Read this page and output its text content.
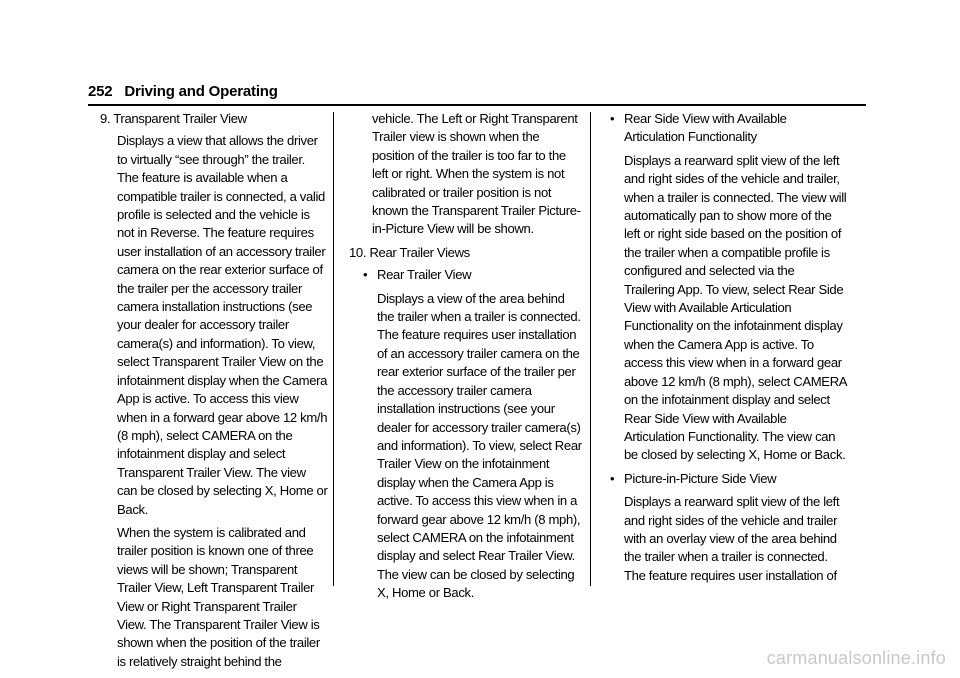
252 Driving and Operating

9. Transparent Trailer View

Displays a view that allows the driver to virtually “see through” the trailer. The feature is available when a compatible trailer is connected, a valid profile is selected and the vehicle is not in Reverse. The feature requires user installation of an accessory trailer camera on the rear exterior surface of the trailer per the accessory trailer camera installation instructions (see your dealer for accessory trailer camera(s) and information). To view, select Transparent Trailer View on the infotainment display when the Camera App is active. To access this view when in a forward gear above 12 km/h (8 mph), select CAMERA on the infotainment display and select Transparent Trailer View. The view can be closed by selecting X, Home or Back.

When the system is calibrated and trailer position is known one of three views will be shown; Transparent Trailer View, Left Transparent Trailer View or Right Transparent Trailer View. The Transparent Trailer View is shown when the position of the trailer is relatively straight behind the

vehicle. The Left or Right Transparent Trailer view is shown when the position of the trailer is too far to the left or right. When the system is not calibrated or trailer position is not known the Transparent Trailer Picture-in-Picture View will be shown.

10. Rear Trailer Views

• Rear Trailer View

Displays a view of the area behind the trailer when a trailer is connected. The feature requires user installation of an accessory trailer camera on the rear exterior surface of the trailer per the accessory trailer camera installation instructions (see your dealer for accessory trailer camera(s) and information). To view, select Rear Trailer View on the infotainment display when the Camera App is active. To access this view when in a forward gear above 12 km/h (8 mph), select CAMERA on the infotainment display and select Rear Trailer View. The view can be closed by selecting X, Home or Back.

• Rear Side View with Available Articulation Functionality

Displays a rearward split view of the left and right sides of the vehicle and trailer, when a trailer is connected. The view will automatically pan to show more of the left or right side based on the position of the trailer when a compatible profile is configured and selected via the Trailering App. To view, select Rear Side View with Available Articulation Functionality on the infotainment display when the Camera App is active. To access this view when in a forward gear above 12 km/h (8 mph), select CAMERA on the infotainment display and select Rear Side View with Available Articulation Functionality. The view can be closed by selecting X, Home or Back.

• Picture-in-Picture Side View

Displays a rearward split view of the left and right sides of the vehicle and trailer with an overlay view of the area behind the trailer when a trailer is connected. The feature requires user installation of

carmanualsonline.info
